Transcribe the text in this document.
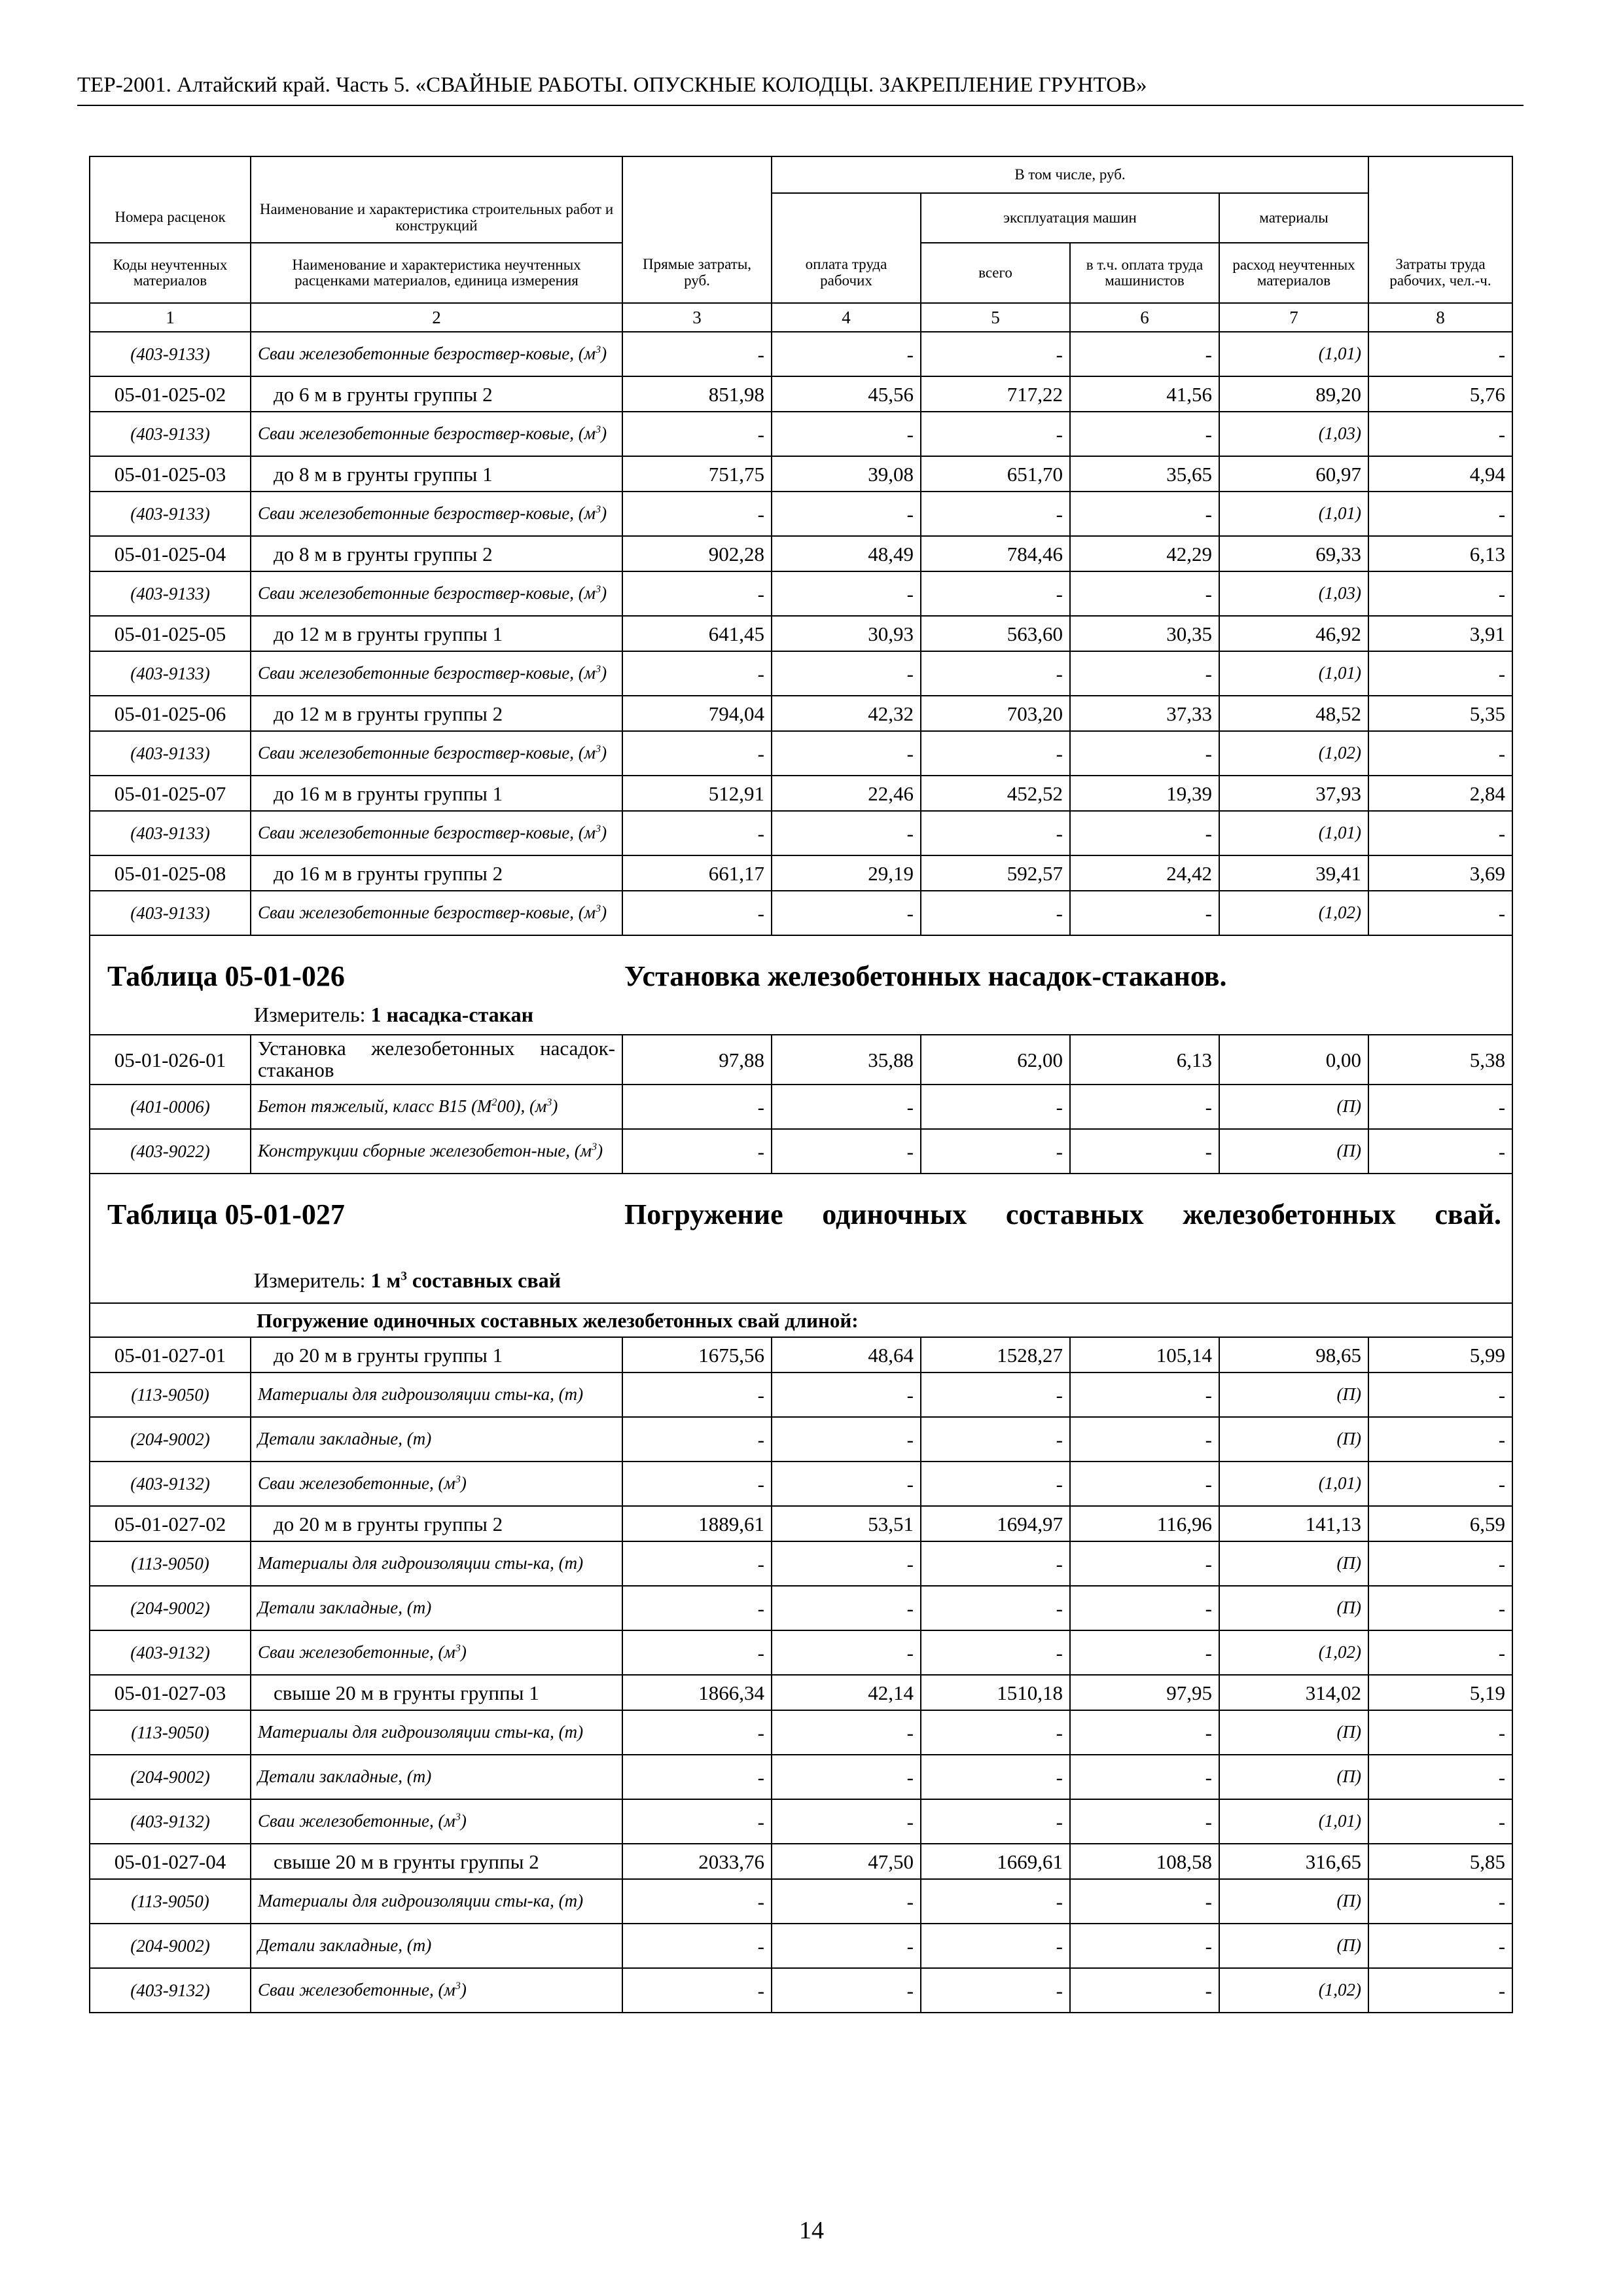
ТЕР-2001. Алтайский край. Часть 5. «СВАЙНЫЕ РАБОТЫ. ОПУСКНЫЕ КОЛОДЦЫ. ЗАКРЕПЛЕНИЕ ГРУНТОВ»
			В том числе, руб.				
Номера расценок	Наименование и характеристика строительных работ и конструкций			эксплуатация машин		материалы	
Коды неучтенных материалов	Наименование и характеристика неучтенных расценками материалов, единица измерения	Прямые затраты, руб.	оплата труда рабочих	всего	в т.ч. оплата труда машинистов	расход неучтенных материалов	Затраты труда рабочих, чел.-ч.
1	2	3	4	5	6	7	8
(403-9133)	Сваи железобетонные безроствер-ковые, $(м^3)$	-	-	-	-	(1,01)	-
05-01-025-02	до 6 м в грунты группы 2	851,98	45,56	717,22	41,56	89,20	5,76
(403-9133)	Сваи железобетонные безроствер-ковые, $(м^3)$	-	-	-	-	(1,03)	-
05-01-025-03	до 8 м в грунты группы 1	751,75	39,08	651,70	35,65	60,97	4,94
(403-9133)	Сваи железобетонные безроствер-ковые, $(м^3)$	-	-	-	-	(1,01)	-
05-01-025-04	до 8 м в грунты группы 2	902,28	48,49	784,46	42,29	69,33	6,13
(403-9133)	Сваи железобетонные безроствер-ковые, $(м^3)$	-	-	-	-	(1,03)	-
05-01-025-05	до 12 м в грунты группы 1	641,45	30,93	563,60	30,35	46,92	3,91
(403-9133)	Сваи железобетонные безроствер-ковые, $(м^3)$	-	-	-	-	(1,01)	-
05-01-025-06	до 12 м в грунты группы 2	794,04	42,32	703,20	37,33	48,52	5,35
(403-9133)	Сваи железобетонные безроствер-ковые, $(м^3)$	-	-	-	-	(1,02)	-
05-01-025-07	до 16 м в грунты группы 1	512,91	22,46	452,52	19,39	37,93	2,84
(403-9133)	Сваи железобетонные безроствер-ковые, $(м^3)$	-	-	-	-	(1,01)	-
05-01-025-08	до 16 м в грунты группы 2	661,17	29,19	592,57	24,42	39,41	3,69
(403-9133)	Сваи железобетонные безроствер-ковые, $(м^3)$	-	-	-	-	(1,02)	-

Таблица 05-01-026 Установка железобетонных насадок-стаканов.
Измеритель: 1 насадка-стакан							

05-01-026-01	Установка железобетонных насадок-стаканов	97,88	35,88	62,00	6,13	0,00	5,38
(401-0006)	Бетон тяжелый, класс В15 $(М^200)$, $(м^3)$	-	-	-	-	(П)	-
(403-9022)	Конструкции сборные железобетон-ные, $(м^3)$	-	-	-	-	(П)	-

Таблица 05-01-027 Погружение одиночных составных железобетонных свай.
Измеритель: 1 $м^3$ составных свай							

Погружение одиночных составных железобетонных свай длиной:							
05-01-027-01	до 20 м в грунты группы 1	1675,56	48,64	1528,27	105,14	98,65	5,99
(113-9050)	Материалы для гидроизоляции сты-ка, (т)	-	-	-	-	(П)	-
(204-9002)	Детали закладные, (т)	-	-	-	-	(П)	-
(403-9132)	Сваи железобетонные, $(м^3)$	-	-	-	-	(1,01)	-
05-01-027-02	до 20 м в грунты группы 2	1889,61	53,51	1694,97	116,96	141,13	6,59
(113-9050)	Материалы для гидроизоляции сты-ка, (т)	-	-	-	-	(П)	-
(204-9002)	Детали закладные, (т)	-	-	-	-	(П)	-
(403-9132)	Сваи железобетонные, $(м^3)$	-	-	-	-	(1,02)	-
05-01-027-03	свыше 20 м в грунты группы 1	1866,34	42,14	1510,18	97,95	314,02	5,19
(113-9050)	Материалы для гидроизоляции сты-ка, (т)	-	-	-	-	(П)	-
(204-9002)	Детали закладные, (т)	-	-	-	-	(П)	-
(403-9132)	Сваи железобетонные, $(м^3)$	-	-	-	-	(1,01)	-
05-01-027-04	свыше 20 м в грунты группы 2	2033,76	47,50	1669,61	108,58	316,65	5,85
(113-9050)	Материалы для гидроизоляции сты-ка, (т)	-	-	-	-	(П)	-
(204-9002)	Детали закладные, (т)	-	-	-	-	(П)	-
(403-9132)	Сваи железобетонные, $(м^3)$	-	-	-	-	(1,02)	-
14
